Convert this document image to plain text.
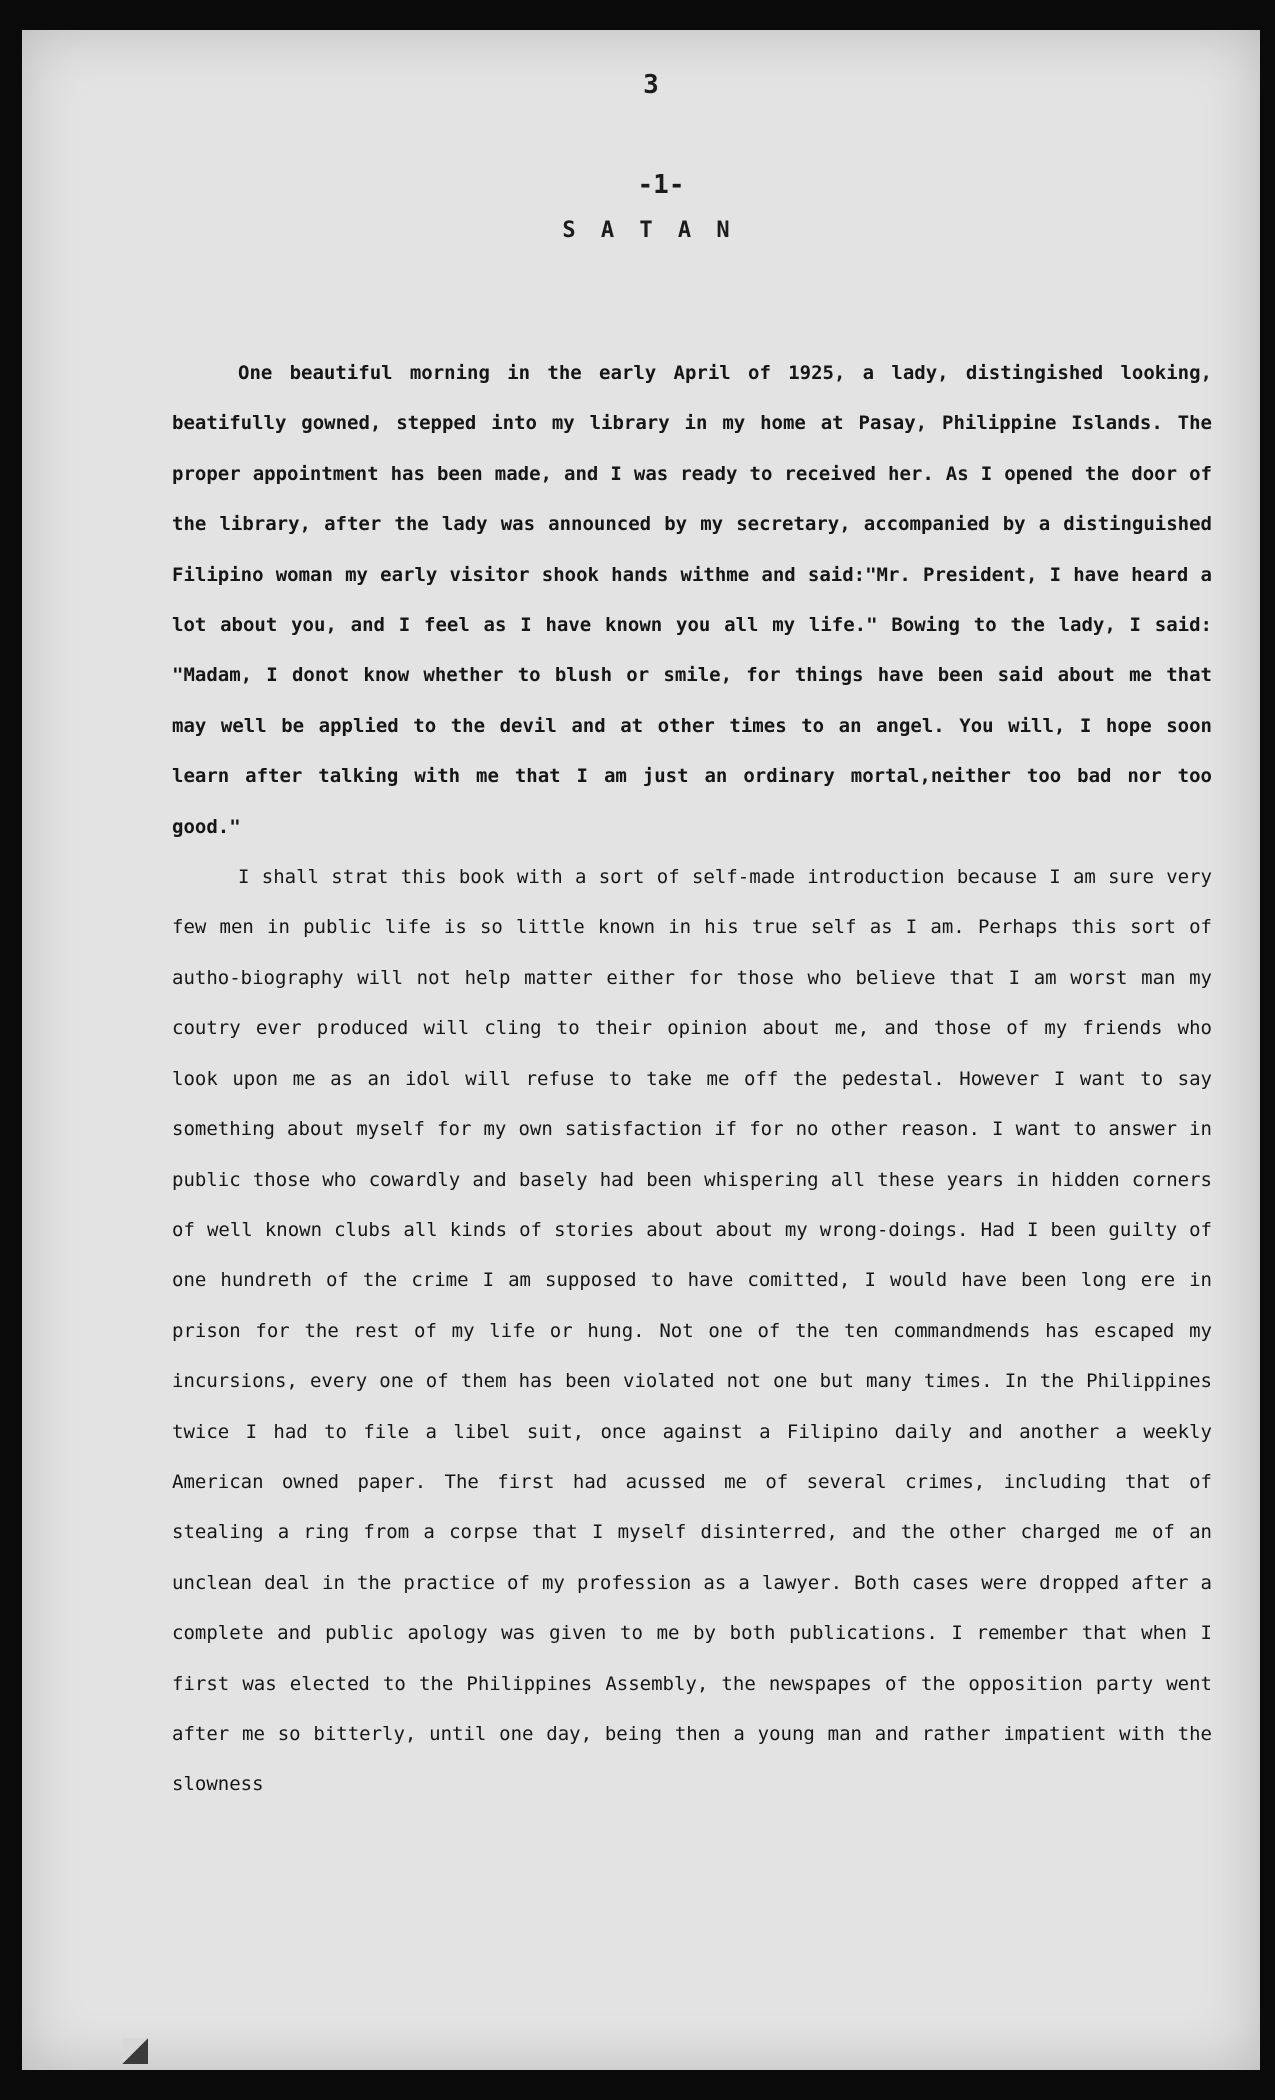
3
-1-
S A T A N

One beautiful morning in the early April of 1925, a lady, distingished looking, beatifully gowned, stepped into my library in my home at Pasay, Philippine Islands. The proper appointment has been made, and I was ready to received her. As I opened the door of the library, after the lady was announced by my secretary, accompanied by a distinguished Filipino woman my early visitor shook hands withme and said:"Mr. President, I have heard a lot about you, and I feel as I have known you all my life." Bowing to the lady, I said: "Madam, I donot know whether to blush or smile, for things have been said about me that may well be applied to the devil and at other times to an angel. You will, I hope soon learn after talking with me that I am just an ordinary mortal,neither too bad nor too good."

I shall strat this book with a sort of self-made introduction because I am sure very few men in public life is so little known in his true self as I am. Perhaps this sort of autho-biography will not help matter either for those who believe that I am worst man my coutry ever produced will cling to their opinion about me, and those of my friends who look upon me as an idol will refuse to take me off the pedestal. However I want to say something about myself for my own satisfaction if for no other reason. I want to answer in public those who cowardly and basely had been whispering all these years in hidden corners of well known clubs all kinds of stories about about my wrong-doings. Had I been guilty of one hundreth of the crime I am supposed to have comitted, I would have been long ere in prison for the rest of my life or hung. Not one of the ten commandmends has escaped my incursions, every one of them has been violated not one but many times. In the Philippines twice I had to file a libel suit, once against a Filipino daily and another a weekly American owned paper. The first had acussed me of several crimes, including that of stealing a ring from a corpse that I myself disinterred, and the other charged me of an unclean deal in the practice of my profession as a lawyer. Both cases were dropped after a complete and public apology was given to me by both publications. I remember that when I first was elected to the Philippines Assembly, the newspapes of the opposition party went after me so bitterly, until one day, being then a young man and rather impatient with the slowness
